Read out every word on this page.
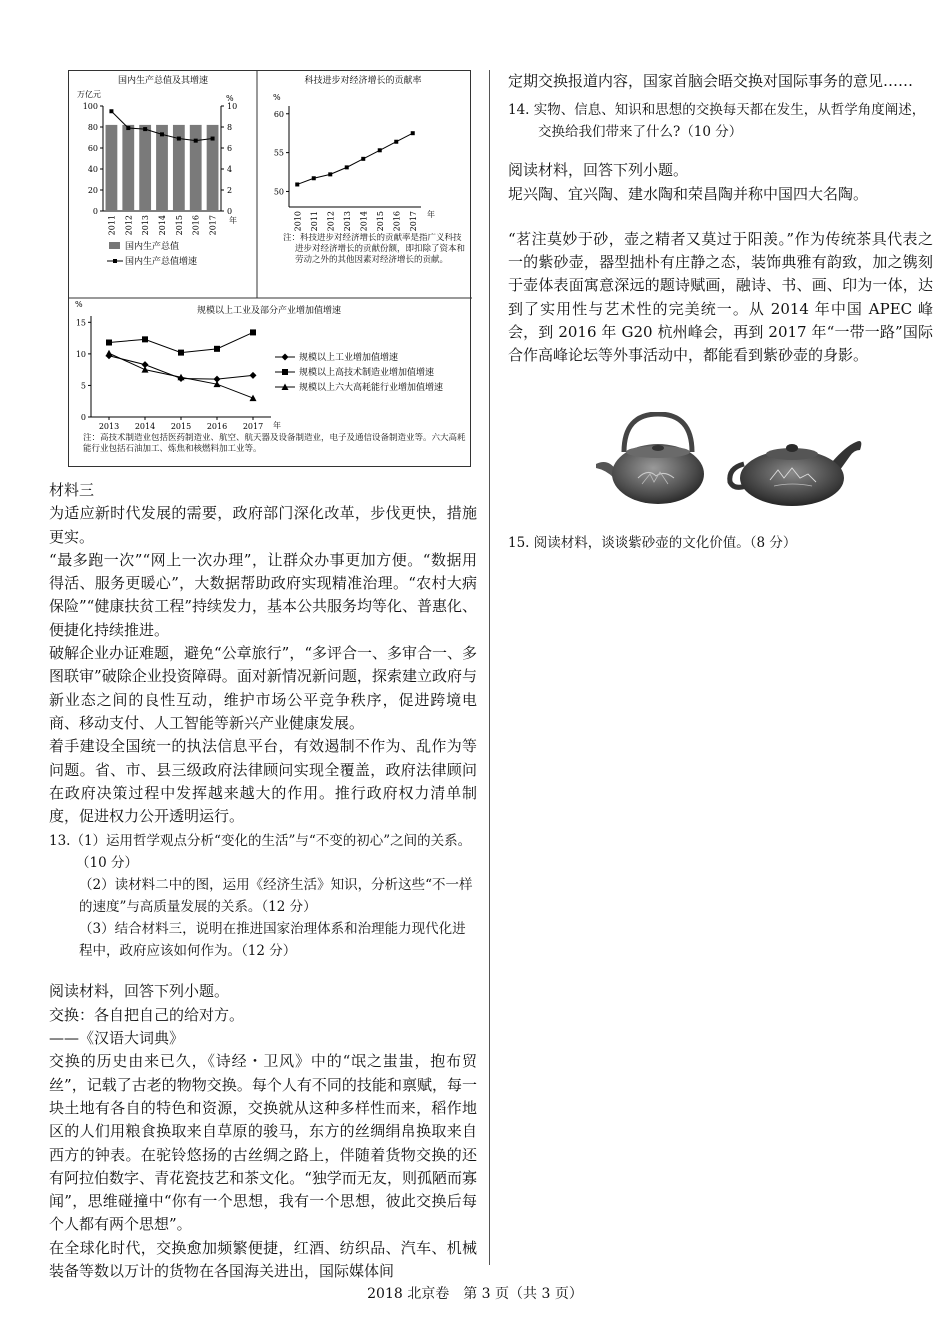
国内生产总值及其增速
万亿元	%
0
20
40
60
80
100
0
2
4
6
8
10
2011 2012 2013 2014 2015 2016 2017 年
国内生产总值
国内生产总值增速
科技进步对经济增长的贡献率
%
50
55
60
2010 2011 2012 2013 2014 2015 2016 2017 年
注：科技进步对经济增长的贡献率是指广义科技进步对经济增长的贡献份额，即扣除了资本和劳动之外的其他因素对经济增长的贡献。
规模以上工业及部分产业增加值增速
%
0
5
10
15
2013 2014 2015 2016 2017 年
规模以上工业增加值增速
规模以上高技术制造业增加值增速
规模以上六大高耗能行业增加值增速
注：高技术制造业包括医药制造业、航空、航天器及设备制造业，电子及通信设备制造业等。六大高耗能行业包括石油加工、炼焦和核燃料加工业等。

材料三

为适应新时代发展的需要，政府部门深化改革，步伐更快，措施更实。

“最多跑一次”“网上一次办理”，让群众办事更加方便。“数据用得活、服务更暖心”，大数据帮助政府实现精准治理。“农村大病保险”“健康扶贫工程”持续发力，基本公共服务均等化、普惠化、便捷化持续推进。

破解企业办证难题，避免“公章旅行”，“多评合一、多审合一、多图联审”破除企业投资障碍。面对新情况新问题，探索建立政府与新业态之间的良性互动，维护市场公平竞争秩序，促进跨境电商、移动支付、人工智能等新兴产业健康发展。

着手建设全国统一的执法信息平台，有效遏制不作为、乱作为等问题。省、市、县三级政府法律顾问实现全覆盖，政府法律顾问在政府决策过程中发挥越来越大的作用。推行政府权力清单制度，促进权力公开透明运行。

13.（1）运用哲学观点分析“变化的生活”与“不变的初心”之间的关系。（10 分）

（2）读材料二中的图，运用《经济生活》知识，分析这些“不一样的速度”与高质量发展的关系。（12 分）

（3）结合材料三，说明在推进国家治理体系和治理能力现代化进程中，政府应该如何作为。（12 分）

阅读材料，回答下列小题。

交换：各自把自己的给对方。

——《汉语大词典》

交换的历史由来已久，《诗经・卫风》中的“氓之蚩蚩，抱布贸丝”，记载了古老的物物交换。每个人有不同的技能和禀赋，每一块土地有各自的特色和资源，交换就从这种多样性而来，稻作地区的人们用粮食换取来自草原的骏马，东方的丝绸绢帛换取来自西方的钟表。在驼铃悠扬的古丝绸之路上，伴随着货物交换的还有阿拉伯数字、青花瓷技艺和茶文化。“独学而无友，则孤陋而寡闻”，思维碰撞中“你有一个思想，我有一个思想，彼此交换后每个人都有两个思想”。

在全球化时代，交换愈加频繁便捷，红酒、纺织品、汽车、机械装备等数以万计的货物在各国海关进出，国际媒体间

定期交换报道内容，国家首脑会晤交换对国际事务的意见……

14. 实物、信息、知识和思想的交换每天都在发生，从哲学角度阐述，交换给我们带来了什么?（10 分）

阅读材料，回答下列小题。

坭兴陶、宜兴陶、建水陶和荣昌陶并称中国四大名陶。

“茗注莫妙于砂，壶之精者又莫过于阳羡。”作为传统茶具代表之一的紫砂壶，器型拙朴有庄静之态，装饰典雅有韵致，加之镌刻于壶体表面寓意深远的题诗赋画，融诗、书、画、印为一体，达到了实用性与艺术性的完美统一。从 2014 年中国 APEC 峰会，到 2016 年 G20 杭州峰会，再到 2017 年“一带一路”国际合作高峰论坛等外事活动中，都能看到紫砂壶的身影。
15. 阅读材料，谈谈紫砂壶的文化价值。（8 分）
2018 北京卷　第 3 页（共 3 页）
